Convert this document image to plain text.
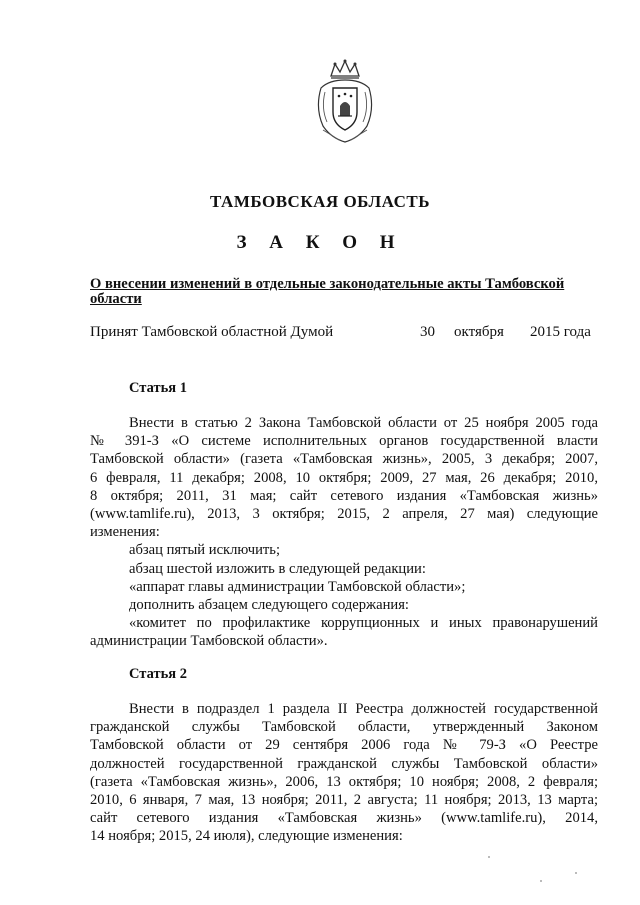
ТАМБОВСКАЯ ОБЛАСТЬ
З А К О Н
О внесении изменений в отдельные законодательные акты Тамбовской
области
Принят Тамбовской областной Думой	30 октября 2015 года
Статья 1
Внести в статью 2 Закона Тамбовской области от 25 ноября 2005 года
№ 391-З «О системе исполнительных органов государственной власти
Тамбовской области» (газета «Тамбовская жизнь», 2005, 3 декабря; 2007,
6 февраля, 11 декабря; 2008, 10 октября; 2009, 27 мая, 26 декабря; 2010,
8 октября; 2011, 31 мая; сайт сетевого издания «Тамбовская жизнь»
(www.tamlife.ru), 2013, 3 октября; 2015, 2 апреля, 27 мая) следующие
изменения:
абзац пятый исключить;
абзац шестой изложить в следующей редакции:
«аппарат главы администрации Тамбовской области»;
дополнить абзацем следующего содержания:
«комитет по профилактике коррупционных и иных правонарушений
администрации Тамбовской области».
Статья 2
Внести в подраздел 1 раздела II Реестра должностей государственной
гражданской службы Тамбовской области, утвержденный Законом
Тамбовской области от 29 сентября 2006 года № 79-З «О Реестре
должностей государственной гражданской службы Тамбовской области»
(газета «Тамбовская жизнь», 2006, 13 октября; 10 ноября; 2008, 2 февраля;
2010, 6 января, 7 мая, 13 ноября; 2011, 2 августа; 11 ноября; 2013, 13 марта;
сайт сетевого издания «Тамбовская жизнь» (www.tamlife.ru), 2014,
14 ноября; 2015, 24 июля), следующие изменения:
